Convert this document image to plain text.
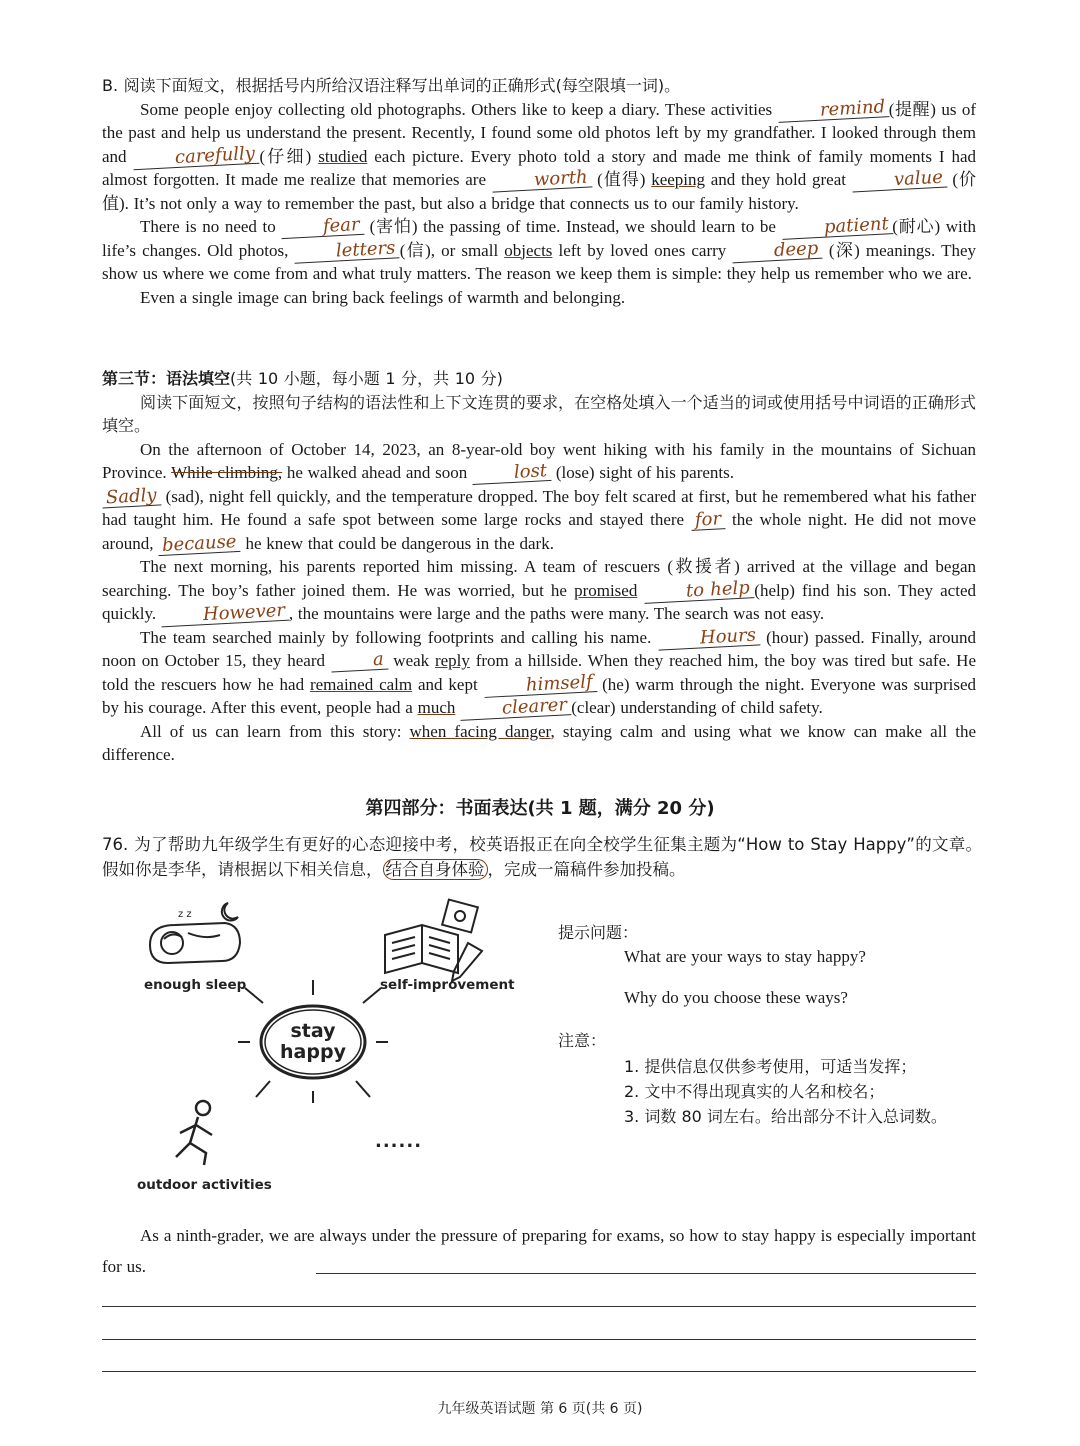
B. 阅读下面短文，根据括号内所给汉语注释写出单词的正确形式(每空限填一词)。

Some people enjoy collecting old photographs. Others like to keep a diary. These activities remind (提醒) us of the past and help us understand the present. Recently, I found some old photos left by my grandfather. I looked through them and carefully (仔细) studied each picture. Every photo told a story and made me think of family moments I had almost forgotten. It made me realize that memories are worth (值得) keeping and they hold great value (价值). It’s not only a way to remember the past, but also a bridge that connects us to our family history.

There is no need to fear (害怕) the passing of time. Instead, we should learn to be patient (耐心) with life’s changes. Old photos, letters (信), or small objects left by loved ones carry deep (深) meanings. They show us where we come from and what truly matters. The reason we keep them is simple: they help us remember who we are.

Even a single image can bring back feelings of warmth and belonging.

第三节：语法填空(共 10 小题，每小题 1 分，共 10 分)

阅读下面短文，按照句子结构的语法性和上下文连贯的要求，在空格处填入一个适当的词或使用括号中词语的正确形式填空。

On the afternoon of October 14, 2023, an 8-year-old boy went hiking with his family in the mountains of Sichuan Province. While climbing, he walked ahead and soon lost (lose) sight of his parents.

Sadly (sad), night fell quickly, and the temperature dropped. The boy felt scared at first, but he remembered what his father had taught him. He found a safe spot between some large rocks and stayed there for the whole night. He did not move around, because he knew that could be dangerous in the dark.

The next morning, his parents reported him missing. A team of rescuers (救援者) arrived at the village and began searching. The boy’s father joined them. He was worried, but he promised	to help (help) find his son. They acted quickly. However , the mountains were large and the paths were many. The search was not easy.

The team searched mainly by following footprints and calling his name. Hours (hour) passed. Finally, around noon on October 15, they heard a weak reply from a hillside. When they reached him, the boy was tired but safe. He told the rescuers how he had remained calm and kept himself (he) warm through the night. Everyone was surprised by his courage. After this event, people had a much	clearer (clear) understanding of child safety.

All of us can learn from this story: when facing danger, staying calm and using what we know can make all the difference.

第四部分：书面表达(共 1 题，满分 20 分)

76. 为了帮助九年级学生有更好的心态迎接中考，校英语报正在向全校学生征集主题为“How to Stay Happy”的文章。假如你是李华，请根据以下相关信息， 结合自身体验 ，完成一篇稿件参加投稿。

z z
enough sleep	self-improvement
outdoor activities
......
stay happy
提示问题：
What are your ways to stay happy?
Why do you choose these ways?
注意：
1. 提供信息仅供参考使用，可适当发挥；
2. 文中不得出现真实的人名和校名；
3. 词数 80 词左右。给出部分不计入总词数。

As a ninth-grader, we are always under the pressure of preparing for exams, so how to stay happy is especially important for us.

九年级英语试题 第 6 页(共 6 页)
